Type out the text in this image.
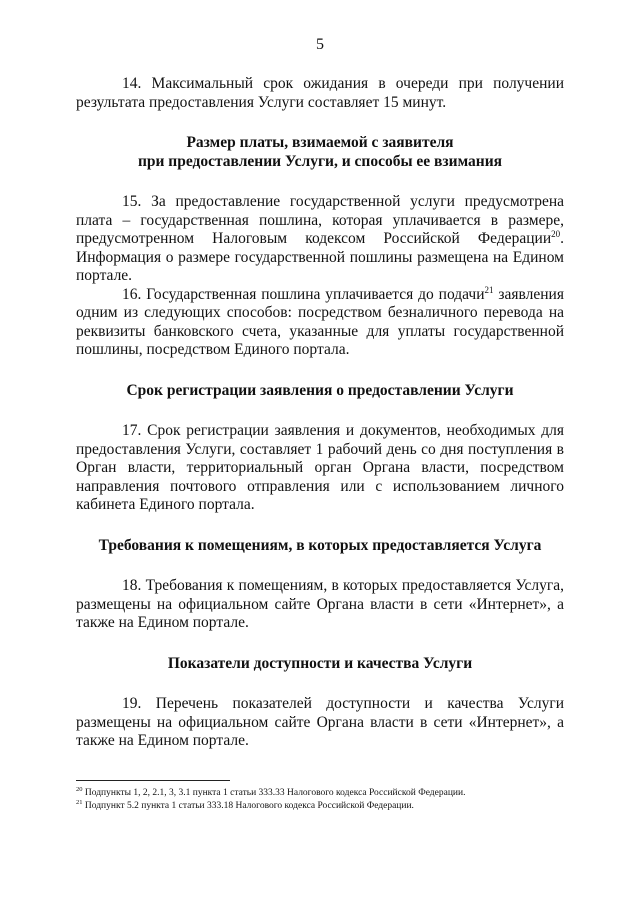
5

14. Максимальный срок ожидания в очереди при получении результата предоставления Услуги составляет 15 минут.

Размер платы, взимаемой с заявителя

при предоставлении Услуги, и способы ее взимания

15. За предоставление государственной услуги предусмотрена плата – государственная пошлина, которая уплачивается в размере, предусмотренном Налоговым кодексом Российской Федерации$^{20}$. Информация о размере государственной пошлины размещена на Едином портале.

16. Государственная пошлина уплачивается до подачи$^{21}$ заявления одним из следующих способов: посредством безналичного перевода на реквизиты банковского счета, указанные для уплаты государственной пошлины, посредством Единого портала.

Срок регистрации заявления о предоставлении Услуги

17. Срок регистрации заявления и документов, необходимых для предоставления Услуги, составляет 1 рабочий день со дня поступления в Орган власти, территориальный орган Органа власти, посредством направления почтового отправления или с использованием личного кабинета Единого портала.

Требования к помещениям, в которых предоставляется Услуга

18. Требования к помещениям, в которых предоставляется Услуга, размещены на официальном сайте Органа власти в сети «Интернет», а также на Едином портале.

Показатели доступности и качества Услуги

19. Перечень показателей доступности и качества Услуги размещены на официальном сайте Органа власти в сети «Интернет», а также на Едином портале.

$^{20}$ Подпункты 1, 2, 2.1, 3, 3.1 пункта 1 статьи 333.33 Налогового кодекса Российской Федерации.
$^{21}$ Подпункт 5.2 пункта 1 статьи 333.18 Налогового кодекса Российской Федерации.
